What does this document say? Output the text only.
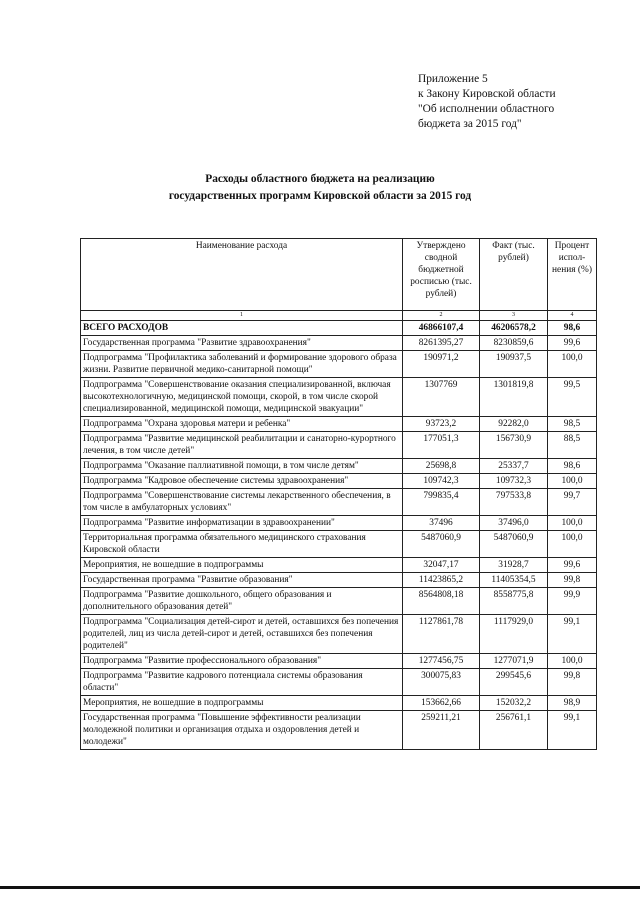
Приложение 5
к Закону Кировской области
"Об исполнении областного
бюджета за 2015 год"
Расходы областного бюджета на реализацию
государственных программ Кировской области за 2015 год
Наименование расхода	Утверждено сводной бюджетной росписью (тыс. рублей)	Факт (тыс. рублей)	Процент испол-нения (%)
1	2	3	4
ВСЕГО РАСХОДОВ	46866107,4	46206578,2	98,6
Государственная программа "Развитие здравоохранения"	8261395,27	8230859,6	99,6
Подпрограмма "Профилактика заболеваний и формирование здорового образа жизни. Развитие первичной медико-санитарной помощи"	190971,2	190937,5	100,0
Подпрограмма "Совершенствование оказания специализированной, включая высокотехнологичную, медицинской помощи, скорой, в том числе скорой специализированной, медицинской помощи, медицинской эвакуации"	1307769	1301819,8	99,5
Подпрограмма "Охрана здоровья матери и ребенка"	93723,2	92282,0	98,5
Подпрограмма "Развитие медицинской реабилитации и санаторно-курортного лечения, в том числе детей"	177051,3	156730,9	88,5
Подпрограмма "Оказание паллиативной помощи, в том числе детям"	25698,8	25337,7	98,6
Подпрограмма "Кадровое обеспечение системы здравоохранения"	109742,3	109732,3	100,0
Подпрограмма "Совершенствование системы лекарственного обеспечения, в том числе в амбулаторных условиях"	799835,4	797533,8	99,7
Подпрограмма "Развитие информатизации в здравоохранении"	37496	37496,0	100,0
Территориальная программа обязательного медицинского страхования Кировской области	5487060,9	5487060,9	100,0
Мероприятия, не вошедшие в подпрограммы	32047,17	31928,7	99,6
Государственная программа "Развитие образования"	11423865,2	11405354,5	99,8
Подпрограмма "Развитие дошкольного, общего образования и дополнительного образования детей"	8564808,18	8558775,8	99,9
Подпрограмма "Социализация детей-сирот и детей, оставшихся без попечения родителей, лиц из числа детей-сирот и детей, оставшихся без попечения родителей"	1127861,78	1117929,0	99,1
Подпрограмма "Развитие профессионального образования"	1277456,75	1277071,9	100,0
Подпрограмма "Развитие кадрового потенциала системы образования области"	300075,83	299545,6	99,8
Мероприятия, не вошедшие в подпрограммы	153662,66	152032,2	98,9
Государственная программа "Повышение эффективности реализации молодежной политики и организация отдыха и оздоровления детей и молодежи"	259211,21	256761,1	99,1
